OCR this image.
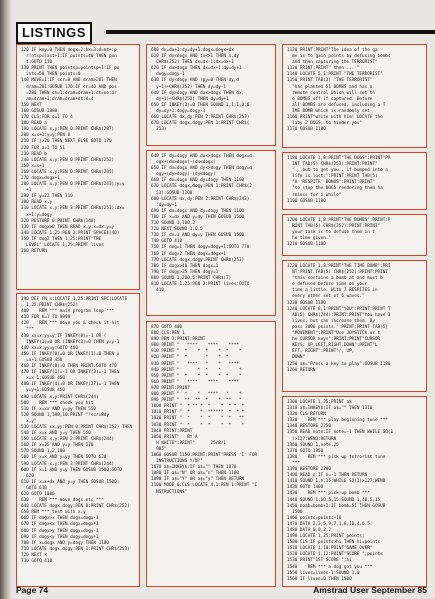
LISTINGS
120 IF key=0 THEN dogx=2:bx=3:d=mt+:p
r!ntsp=last+1:IF points=40 THEN pun
t:GOTO 130
130 PRINT THEN pointsp=pointsp+1:IF po
ints=50 THEN points=0
140 MOVE=1:IF scr=0 AND dram>281 THEN
dram=281:GOSUB 170:IF cr=40 AND pos
=280 THEN ch=1:dram=dram+1:dt=oe:dr
am=dram+1:dram=dram+dt:d=4
150 NEXT
160 GOSUB 1880
170 CLS:FOR o=1 TO 4
180 READ a
190 LOCATE x,y:PEN 0:PRINT CHR$(287)
200 x=x+1:y=y:PEN 0
210 IF j>26 THEN NEXT ELSE GOTO 170
220 FOR a=1 TO 51
230 READ b
240 LOCATE x,y:PEN 0:PRINT CHR$(252)
250 x=x+1
260 LOCATE x,y:PEN 0:PRINT CHR$(205)
270 dogx=dogx+1
280 LOCATE x,y:PEN 0:PRINT CHR$(243):y=y
+1
290 IF y=22 THEN 310
300 READ x,y
310 LOCATE x,y:PEN 3:PRINT CHR$(253):dx=
x+1:y=dogy
320 RESTORE 0:PRINT CHR$(148)
330 IF dogx>0 THEN READ x,y:x=dx:y=y
340 LOCATE 1,25:PEN 3:PRINT SPACE$(40)
350 IF dog2 THEN 1,25:PRINT"THE
LEVEL":LOCATE 1,25:PRINT lives
360 RETURN
390 DEF FN x:LOCATE 1,25:PRINT SPC(LOCATE
1,25:PRINT CHR$(252)
400    REM *** main program loop ***
410 FOR k=1 TO 9999
420    REM *** move you & check it hit
***
430 xx=x:yy=y:IF INKEY(8)=-1 OR (
INKEY(1)=0 OR (INKEY(3)=0 THEN y=y-1
440 xx=x:yy=y:GOTO 460
450 IF INKEY(8)=0 OR INKEY(1)=0 THEN x
=x+1:GOSUB 450
460 IF INKEY(8)=0 THEN PRINT:GOTO 470
470 IF INKEY(1)=-1 OR INKEY(3)=-1 THEN
x=x-1:GOSUB 450
480 IF INKEY(4)=0 OR INKEY(27)=-1 THEN
y=y+1:GOSUB 450
490 LOCATE x,y:PRINT CHR$(244)
500    REM *** check you hit
510 IF x=xx AND y=yy THEN 550
520 SOUND 1,100,10:PRINT "!scr=8dy
x,y"
530 LOCATE xx,yy:PEN 0:PRINT CHR$(252) THEN
540 IF x=x AND y=y THEN 550
550 LOCATE x,y:PEN 2:PRINT CHR$(244)
560 IF x=25 AND y=y THEN 570
570 SOUND 1,2,100
580 IF x=x AND y=yy THEN GOTO 620
590 LOCATE x,y:PEN 3:PRINT CHR$(244)
600 IF x=1 AND y=y THEN GOSUB 1500:GOTO
620
610 IF x=x+dx AND y=y THEN GOSUB 1500:
GOTO 610
620 GOTO 1000
630    REM *** move dogs etc ***
640 LOCATE dogx,dogy:PEN 0:PRINT CHR$(252)
650 REM *** test with x,y
660 IF dogx>x THEN dogx=dogx-1
670 IF dogx<x THEN dogx=dogx+1
680 IF dogy>y THEN dogy=dogy-1
690 IF dogy<y THEN dogy=dogy+1
700 IF x=dogx AND y=dogy THEN 1100
710 LOCATE dogx,dogy:PEN 1:PRINT CHR$(253)
720 NEXT k
730 GOTO 410
600 dx=dx+1:dy=dy+1:dogx=dogx+dx
610 IF dx<dogx AND tx<>1 THEN x,dy
CHR$(252) THEN dx=dx-1:dx=dx+1
620 IF dx>dogx THEN dx=dx+1:dy=dy+1
dogy=dogy-1
630 IF dy<dogy AND (py=0 THEN dy,d
y+1)+CHR$(252) THEN dy=dy-1
640 IF dy>dogy AND dx<>dogx THEN dx,
dy+1)+CHR$(252) THEN dy=dy+1
650 IF INKEY(3)=0 THEN SOUND 1,1,1,0,6
dy=dy+1:dogy=dogy-1
660 LOCATE dx,dy:PEN 2:PRINT CHR$(253)
670 LOCATE dogx,dogy:PEN 1:PRINT CHR$(
253)
640 IF dy=dogy AND dx<>dogx THEN dogx=d
ogx+(dx>dogx)-(dx<dogx)
650 IF dx=dogx AND dy<>dogy THEN dogy=d
ogy+(dy>dogy)-(dy<dogy)
660 IF dx=dogx AND dy=dogy THEN 1100
670 LOCATE dogx,dogy:PEN 1:PRINT CHR$(2
53):GOSUB 1100
680 LOCATE dx,dy:PEN 2:PRINT CHR$(243)
:dy=dy+1
690 IF dx=dogx AND dy=dogy THEN 1100
700 IF x=dx AND y=dy THEN GOSUB 1500
710 SOUND 1,100,2
720 NEXT:SOUND 1,0,5
730 IF dx=1 AND dy=y THEN GOSUB 1500
740 GOTO 410
750 IF dog=1 THEN dogy=dogy+1:GOTO 770
760 IF dog=2 THEN dogx=dogx+1
770 LOCATE dogx,dogy:PRINT CHR$(253)
780 IF dogx>40 THEN dogx=1
790 IF dogy>25 THEN dogy=1
800 SOUND 1,200,5:PRINT CHR$(7)
810 LOCATE 1,25:PEN 3:PRINT lives:GOTO
410
870 GOTO 400
880 CLS:PEN 1
890 PEN 3:PRINT:PRINT
900 PRINT "   ****    ****    ****
910 PRINT "  *    *  *    *  *    *
920 PRINT "  *       *    *  *
930 PRINT "   ****   *    *   ****
940 PRINT "       *  *    *       *
950 PRINT "  *    *  *    *  *    *
960 PRINT "   ****    ****    ****
970 PRINT:PRINT
980 PRINT "  *    *   ****   *    *
990 PRINT "  **  **  *    *  **   *
1000 PRINT "  * ** *  *    *  * *  *
1010 PRINT "  *    *  ******  *  * *
1020 PRINT "  *    *  *    *  *   **
1030 PRINT "  *    *  *    *  *    *
1040 PRINT:PRINT
1050 PRINT"   BY A
H WHITE":PRINT"      25/8/1
985"
1060 GOSUB 1150:PRINT:PRINT"PRESS 'I' FOR
INSTRUCTIONS Y/N?"
1070 a$=INKEY$:IF a$="" THEN 1070
1080 IF a$="N" OR a$="n" THEN 1100
1090 IF a$="Y" OR a$="y" THEN RETURN
1100 MODE 0:CLS:LOCATE 4,1:PEN 1:PRINT "I
NSTRUCTIONS"
1120 PRINT:PRINT"The idea of the ga
me is to gain points by defusing bombs
and then capturing the TERRORIST"
1130 PRINT:PRINT" then ... "
1140 LOCATE 5,1:PRINT "THE TERRORIST"
1150 PRINT TAB(3) "THE TERRORIST"
"has planted 51 BOMBS and has a
remote control which will set th
e BOMBS off if captured. Before
all BOMBS are defused, including a T
IME BOMB which is randomly set
1160 PRINT"write with him! LOCATE the
laby 2 DOGS, to hinder you"
1170 GOSUB 1180
1180 LOCATE 1,8:PRINT"THE DOGS":PRINT"PR
INT TAB(5) CHR$(253):PRINT:PRINT"
"...but to get you.. if bumped into a
life is lost.":PRINT:PRINT TAB(5)
"A 'RESPITE' BONUS":PRINT:PRINT"
"to stop the DOGS rendering them ha
rmless for a while"
1190 GOSUB 1180
1200 LOCATE 1,8:PRINT"THE BOMBS":PRINT:P
RINT TAB(5) CHR$(252):PRINT:PRINT"
your task is to defuse them in t
he time given."
1210 GOSUB 1180
1220 LOCATE 1,8:PRINT"THE TIME BOMB":PRI
NT:PRINT TAB(5) CHR$(252):PRINT:PRINT
"this contains a bomb at and must b
e defused before time on your
time a little. With 7 RESPITES in
every other set of 6 waves."
1230 GOSUB 1180
1240 LOCATE 8,1:PRINT"YOU":PRINT:PRINT T
AB(5) CHR$(244):PRINT:PRINT"You have 3
lives, but can increase them. By
pass 3000 points.":PRINT:PRINT TAB(5)
"MOVEMENT":PRINT"Use JOYSTICK or t
he CURSOR keys":PRINT:PRINT"CURSOR
KEYS: UP,LEFT,RIGHT,DOWN":PRINT"L
EFT, RIGHT":PRINT"/, UP,
DOWN"
1250 a$="Press a key to play":GOSUB 1180
1260 RETURN
1300 LOCATE 1,25:PRINT a$
1310 a$=INKEY$:IF a$="" THEN 1310
1320 CLS:RETURN
1330    REM *** play beginning tune ***
1340 RESTORE 2250
1350 READ note:IF note=-1 THEN WHILE SQ(1
)>127:WEND:RETURN
1360 SOUND 1,note,25
1370 GOTO 1350
1380    REM *** pick up terrorist tune
***
1390 RESTORE 2280
1400 READ n:IF n=-1 THEN RETURN
1410 SOUND 1,n,15:WHILE SQ(1)>127:WEND
1420 GOTO 1400
1430    REM *** pick up bomb ***
1440 SOUND 1,60,5,15:SOUND 1,40,5,15
1450 bomb=bomb+1:IF bomb=51 THEN GOSUB
1500
1460 points=points+10
1470 DATA 2,3,5,9,7,1,8,10,4,6,5
1480 DATA 0,0,2,2
1490 LOCATE 1,25:PRINT points;
1500 CLS:IF points>hi THEN hi=points
1510 LOCATE 1,10:PRINT"GAME OVER"
1520 LOCATE 1,12:PRINT"SCORE ";points
1530 PRINT"1ST SCORE ";hi
1540    REM *** a dog got you ***
1550 lives=lives-1:SOUND 1,0
1560 IF lives=0 THEN 1500
Page 74	Amstrad User September 85
